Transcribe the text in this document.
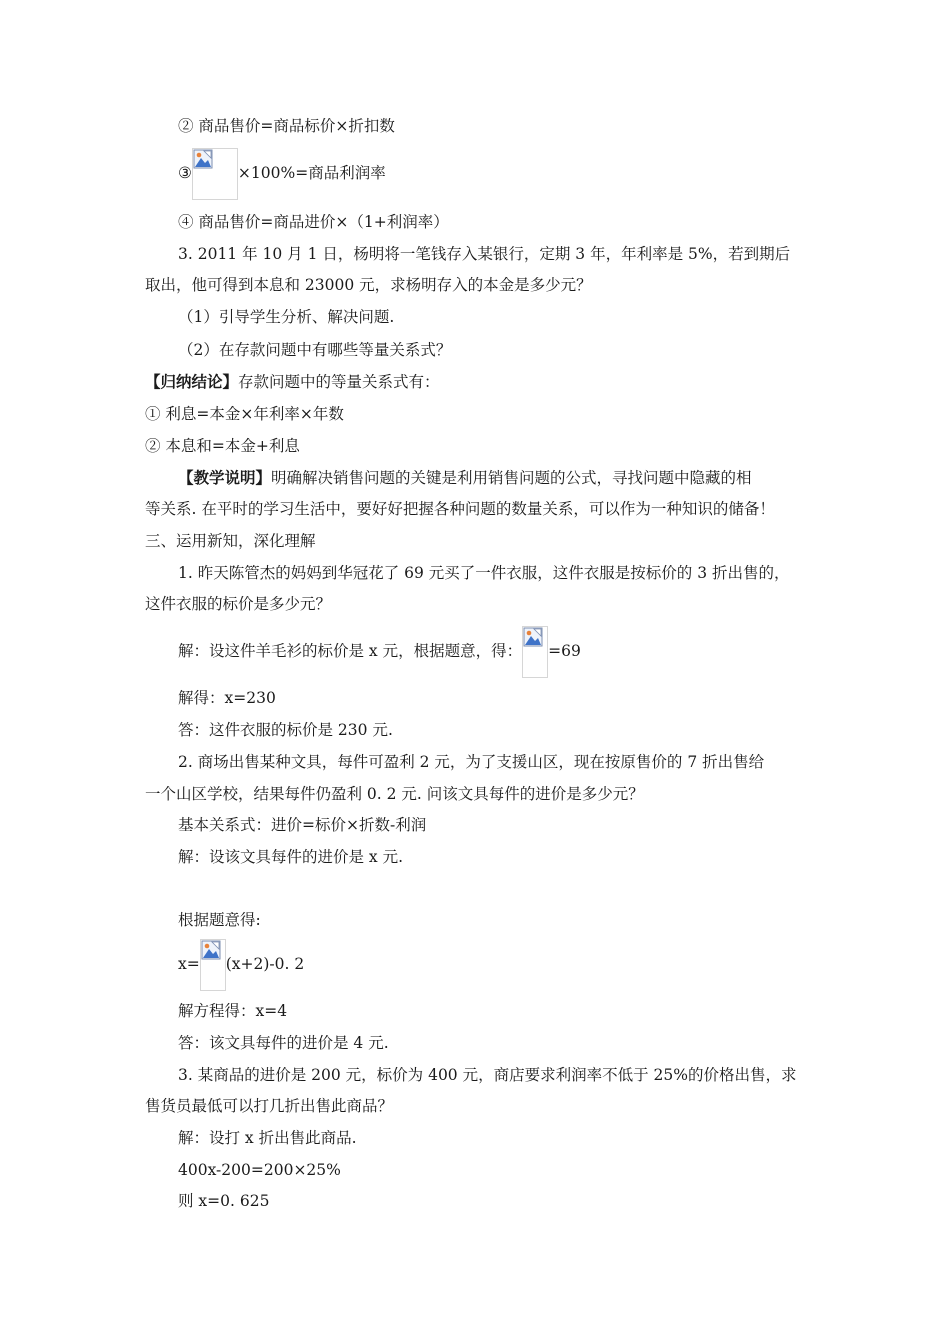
② 商品售价=商品标价×折扣数
③	×100%=商品利润率
④ 商品售价=商品进价×（1+利润率）
3. 2011 年 10 月 1 日，杨明将一笔钱存入某银行，定期 3 年，年利率是 5%，若到期后
取出，他可得到本息和 23000 元，求杨明存入的本金是多少元？
（1）引导学生分析、解决问题.
（2）在存款问题中有哪些等量关系式？
【归纳结论】存款问题中的等量关系式有：
① 利息=本金×年利率×年数
② 本息和=本金+利息
【教学说明】明确解决销售问题的关键是利用销售问题的公式，寻找问题中隐藏的相
等关系. 在平时的学习生活中，要好好把握各种问题的数量关系，可以作为一种知识的储备！
三、运用新知，深化理解
1. 昨天陈管杰的妈妈到华冠花了 69 元买了一件衣服，这件衣服是按标价的 3 折出售的，
这件衣服的标价是多少元？
解：设这件羊毛衫的标价是 x 元，根据题意，得： =69
解得：x=230
答：这件衣服的标价是 230 元.
2. 商场出售某种文具，每件可盈利 2 元，为了支援山区，现在按原售价的 7 折出售给
一个山区学校，结果每件仍盈利 0. 2 元. 问该文具每件的进价是多少元？
基本关系式：进价=标价×折数-利润
解：设该文具每件的进价是 x 元.
根据题意得:
x= (x+2)-0. 2
解方程得：x=4
答：该文具每件的进价是 4 元.
3. 某商品的进价是 200 元，标价为 400 元，商店要求利润率不低于 25%的价格出售，求
售货员最低可以打几折出售此商品？
解：设打 x 折出售此商品.
400x-200=200×25%
则 x=0. 625
